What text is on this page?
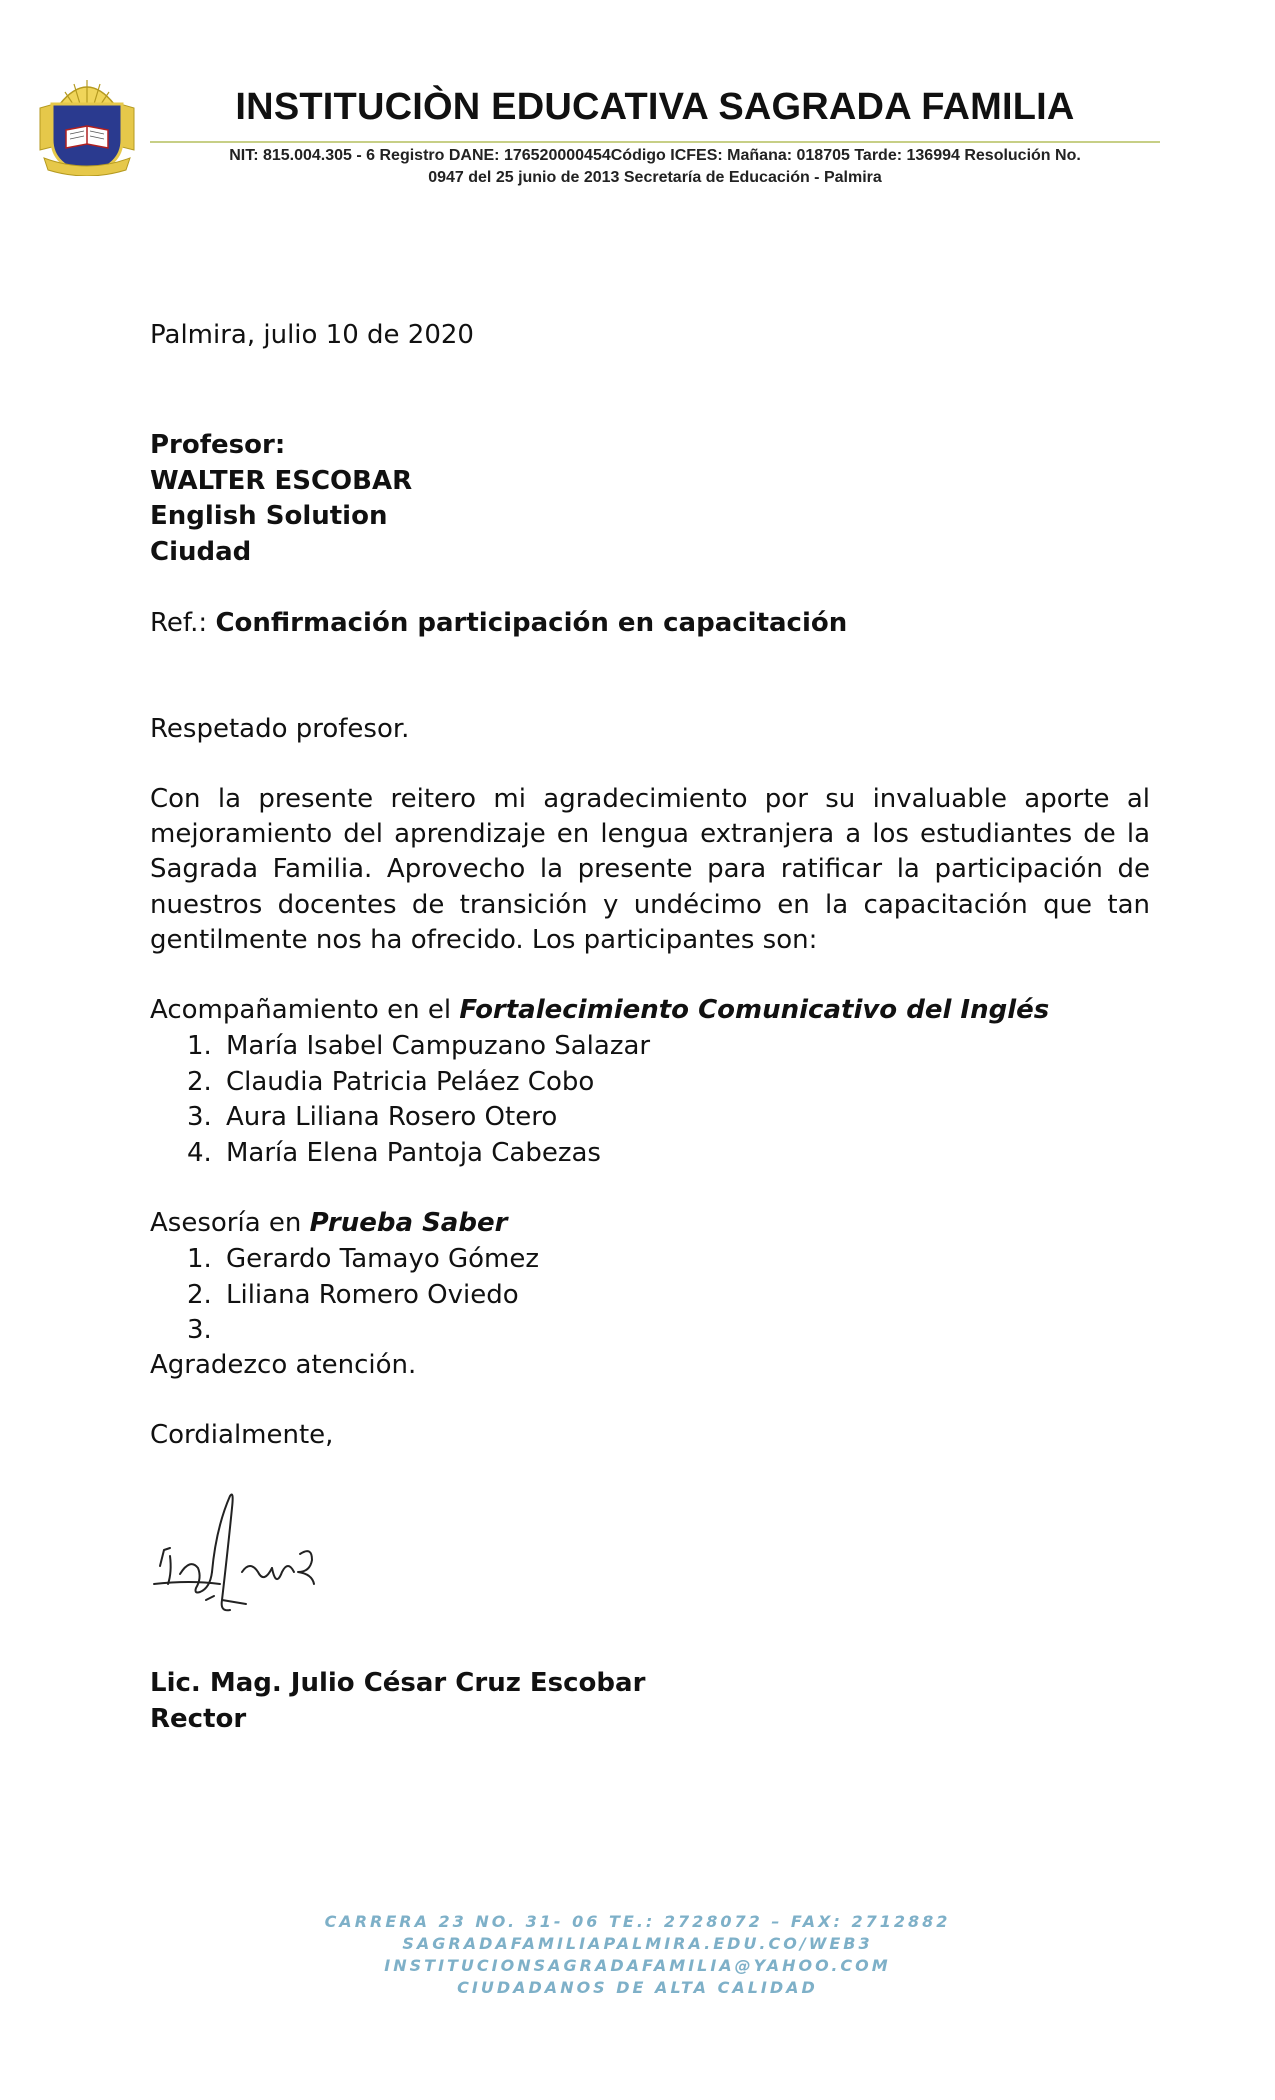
INSTITUCIÒN EDUCATIVA SAGRADA FAMILIA
NIT: 815.004.305 - 6 Registro DANE: 176520000454Código ICFES: Mañana: 018705 Tarde: 136994 Resolución No.
0947 del 25 junio de 2013 Secretaría de Educación - Palmira
Palmira, julio 10 de 2020
Profesor:
WALTER ESCOBAR
English Solution
Ciudad
Ref.: Confirmación participación en capacitación
Respetado profesor.
Con la presente reitero mi agradecimiento por su invaluable aporte al mejoramiento del aprendizaje en lengua extranjera a los estudiantes de la Sagrada Familia. Aprovecho la presente para ratificar la participación de nuestros docentes de transición y undécimo en la capacitación que tan gentilmente nos ha ofrecido. Los participantes son:
Acompañamiento en el Fortalecimiento Comunicativo del Inglés
1. María Isabel Campuzano Salazar
2. Claudia Patricia Peláez Cobo
3. Aura Liliana Rosero Otero
4. María Elena Pantoja Cabezas
Asesoría en Prueba Saber
1. Gerardo Tamayo Gómez
2. Liliana Romero Oviedo
3.
Agradezco atención.
Cordialmente,
Lic. Mag. Julio César Cruz Escobar
Rector
CARRERA 23 NO. 31- 06 TE.: 2728072 – FAX: 2712882
SAGRADAFAMILIAPALMIRA.EDU.CO/WEB3
INSTITUCIONSAGRADAFAMILIA@YAHOO.COM
CIUDADANOS DE ALTA CALIDAD
